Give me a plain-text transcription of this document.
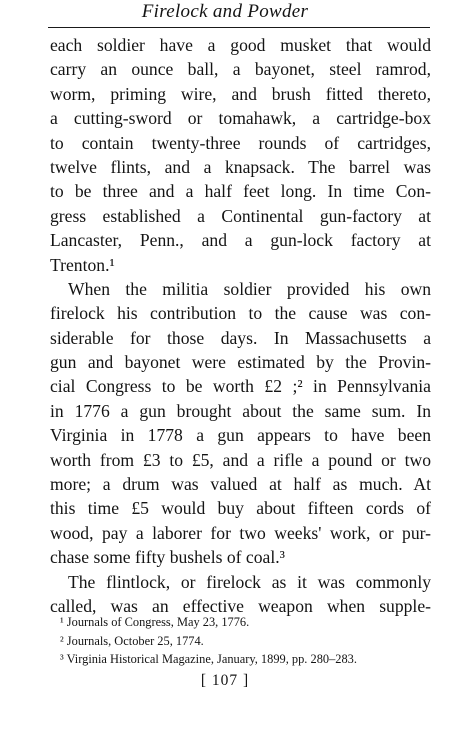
Firelock and Powder
each soldier have a good musket that would
carry an ounce ball, a bayonet, steel ramrod,
worm, priming wire, and brush fitted thereto,
a cutting-sword or tomahawk, a cartridge-box
to contain twenty-three rounds of cartridges,
twelve flints, and a knapsack. The barrel was
to be three and a half feet long. In time Con-
gress established a Continental gun-factory at
Lancaster, Penn., and a gun-lock factory at
Trenton.¹
When the militia soldier provided his own
firelock his contribution to the cause was con-
siderable for those days. In Massachusetts a
gun and bayonet were estimated by the Provin-
cial Congress to be worth £2 ;² in Pennsylvania
in 1776 a gun brought about the same sum. In
Virginia in 1778 a gun appears to have been
worth from £3 to £5, and a rifle a pound or two
more; a drum was valued at half as much. At
this time £5 would buy about fifteen cords of
wood, pay a laborer for two weeks' work, or pur-
chase some fifty bushels of coal.³
The flintlock, or firelock as it was commonly
called, was an effective weapon when supple-
¹ Journals of Congress, May 23, 1776.
² Journals, October 25, 1774.
³ Virginia Historical Magazine, January, 1899, pp. 280–283.
[ 107 ]
